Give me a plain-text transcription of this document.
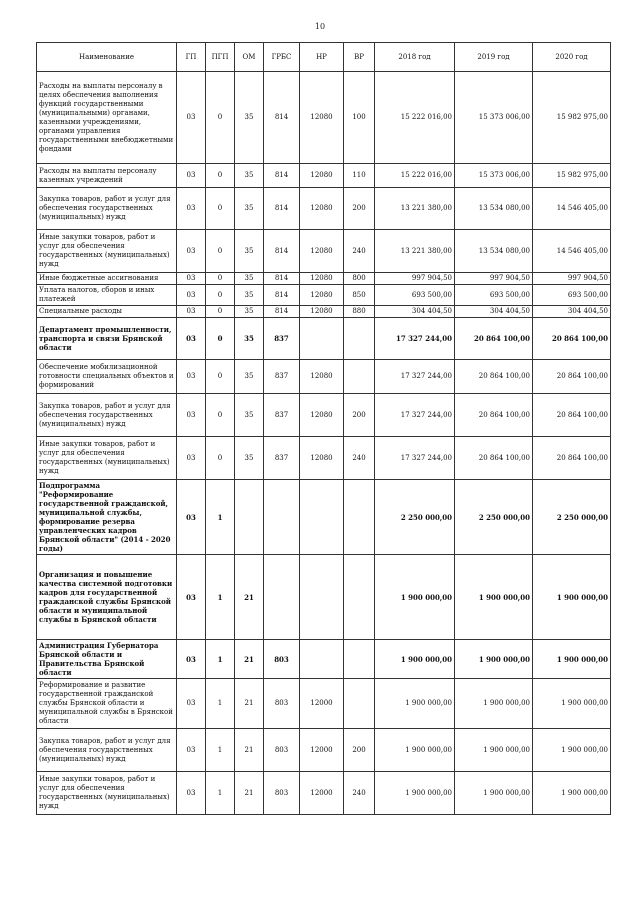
10
Наименование	ГП	ПГП	ОМ	ГРБС	НР	ВР	2018 год	2019 год	2020 год
Расходы на выплаты персоналу в целях обеспечения выполнения функций государственными (муниципальными) органами, казенными учреждениями, органами управления государственными внебюджетными фондами	03	0	35	814	12080	100	15 222 016,00	15 373 006,00	15 982 975,00
Расходы на выплаты персоналу казенных учреждений	03	0	35	814	12080	110	15 222 016,00	15 373 006,00	15 982 975,00
Закупка товаров, работ и услуг для обеспечения государственных (муниципальных) нужд	03	0	35	814	12080	200	13 221 380,00	13 534 080,00	14 546 405,00
Иные закупки товаров, работ и услуг для обеспечения государственных (муниципальных) нужд	03	0	35	814	12080	240	13 221 380,00	13 534 080,00	14 546 405,00
Иные бюджетные ассигнования	03	0	35	814	12080	800	997 904,50	997 904,50	997 904,50
Уплата налогов, сборов и иных платежей	03	0	35	814	12080	850	693 500,00	693 500,00	693 500,00
Специальные расходы	03	0	35	814	12080	880	304 404,50	304 404,50	304 404,50
Департамент промышленности, транспорта и связи Брянской области	03	0	35	837			17 327 244,00	20 864 100,00	20 864 100,00
Обеспечение мобилизационной готовности специальных объектов и формирований	03	0	35	837	12080		17 327 244,00	20 864 100,00	20 864 100,00
Закупка товаров, работ и услуг для обеспечения государственных (муниципальных) нужд	03	0	35	837	12080	200	17 327 244,00	20 864 100,00	20 864 100,00
Иные закупки товаров, работ и услуг для обеспечения государственных (муниципальных) нужд	03	0	35	837	12080	240	17 327 244,00	20 864 100,00	20 864 100,00
Подпрограмма "Реформирование государственной гражданской, муниципальной службы, формирование резерва управленческих кадров Брянской области" (2014 - 2020 годы)	03	1					2 250 000,00	2 250 000,00	2 250 000,00
Организация и повышение качества системной подготовки кадров для государственной гражданской службы Брянской области и муниципальной службы в Брянской области	03	1	21				1 900 000,00	1 900 000,00	1 900 000,00
Администрация Губернатора Брянской области и Правительства Брянской области	03	1	21	803			1 900 000,00	1 900 000,00	1 900 000,00
Реформирование и развитие государственной гражданской службы Брянской области и муниципальной службы в Брянской области	03	1	21	803	12000		1 900 000,00	1 900 000,00	1 900 000,00
Закупка товаров, работ и услуг для обеспечения государственных (муниципальных) нужд	03	1	21	803	12000	200	1 900 000,00	1 900 000,00	1 900 000,00
Иные закупки товаров, работ и услуг для обеспечения государственных (муниципальных) нужд	03	1	21	803	12000	240	1 900 000,00	1 900 000,00	1 900 000,00
